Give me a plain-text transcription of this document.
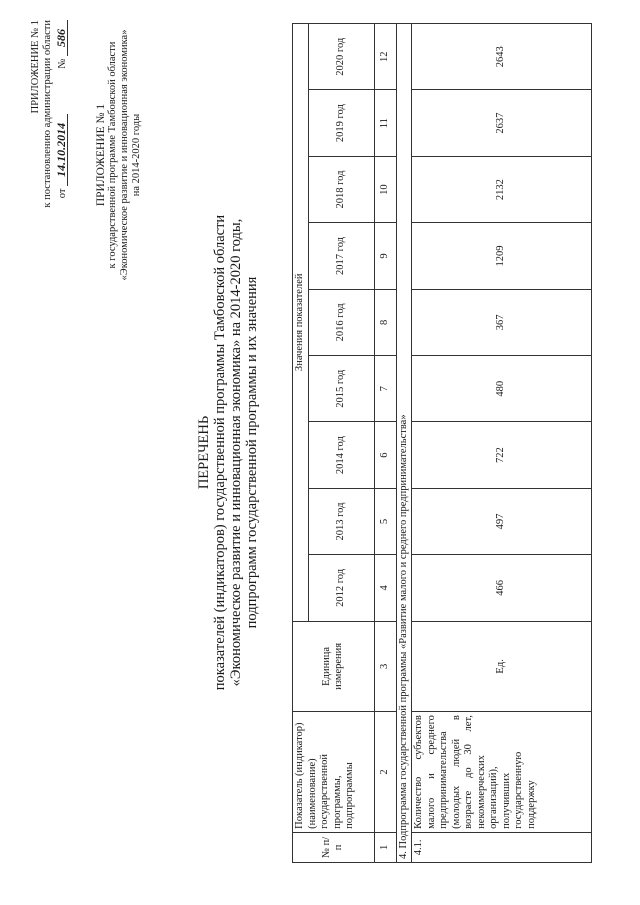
ПРИЛОЖЕНИЕ № 1 к постановлению администрации области от 14.10.2014  № 586
ПРИЛОЖЕНИЕ № 1 к государственной программе Тамбовской области «Экономическое развитие и инновационная экономика» на 2014-2020 годы
ПЕРЕЧЕНЬ показателей (индикаторов) государственной программы Тамбовской области «Экономическое развитие и инновационная экономика» на 2014-2020 годы, подпрограмм государственной программы и их значения
№ п/п	Показатель (индикатор) (наименование) государственной программы, подпрограммы	Единица измерения	Значения показателей								
			2012 год	2013 год	2014 год	2015 год	2016 год	2017 год	2018 год	2019 год	2020 год
1	2	3	4	5	6	7	8	9	10	11	12
4. Подпрограмма государственной программы «Развитие малого и среднего предпринимательства»											
4.1.	Количество субъектов малого и среднего предпринимательства (молодых людей в возрасте до 30 лет, некоммерческих организаций), получивших государственную поддержку	Ед.	466	497	722	480	367	1209	2132	2637	2643
